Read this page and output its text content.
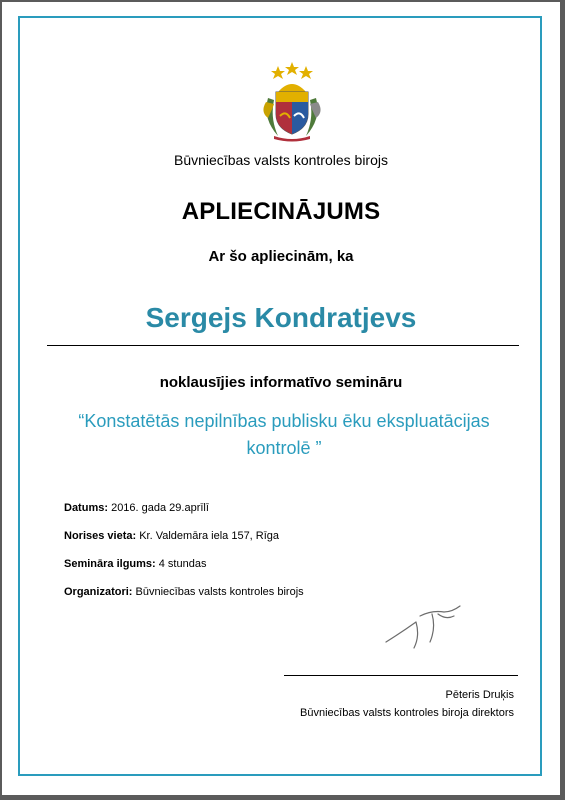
Būvniecības valsts kontroles birojs
APLIECINĀJUMS
Ar šo apliecinām, ka
Sergejs Kondratjevs
noklausījies informatīvo semināru
“Konstatētās nepilnības publisku ēku ekspluatācijas
kontrolē ”
Datums: 2016. gada 29.aprīlī
Norises vieta: Kr. Valdemāra iela 157, Rīga
Semināra ilgums: 4 stundas
Organizatori: Būvniecības valsts kontroles birojs
Pēteris Druķis
Būvniecības valsts kontroles biroja direktors
